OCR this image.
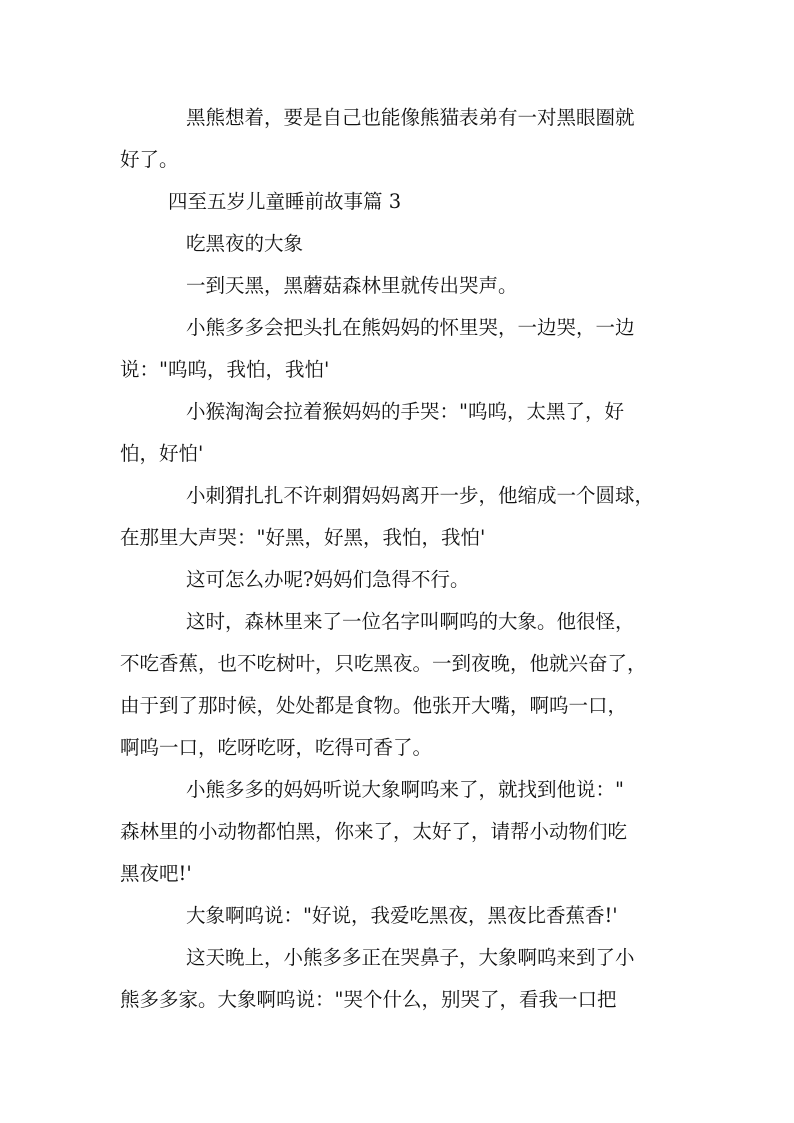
黑熊想着，要是自己也能像熊猫表弟有一对黑眼圈就
好了。
四至五岁儿童睡前故事篇 3
吃黑夜的大象
一到天黑，黑蘑菇森林里就传出哭声。
小熊多多会把头扎在熊妈妈的怀里哭，一边哭，一边
说："呜呜，我怕，我怕'
小猴淘淘会拉着猴妈妈的手哭："呜呜，太黑了，好
怕，好怕'
小刺猬扎扎不许刺猬妈妈离开一步，他缩成一个圆球，
在那里大声哭："好黑，好黑，我怕，我怕'
这可怎么办呢?妈妈们急得不行。
这时，森林里来了一位名字叫啊呜的大象。他很怪，
不吃香蕉，也不吃树叶，只吃黑夜。一到夜晚，他就兴奋了，
由于到了那时候，处处都是食物。他张开大嘴，啊呜一口，
啊呜一口，吃呀吃呀，吃得可香了。
小熊多多的妈妈听说大象啊呜来了，就找到他说："
森林里的小动物都怕黑，你来了，太好了，请帮小动物们吃
黑夜吧!'
大象啊呜说："好说，我爱吃黑夜，黑夜比香蕉香!'
这天晚上，小熊多多正在哭鼻子，大象啊呜来到了小
熊多多家。大象啊呜说："哭个什么，别哭了，看我一口把
